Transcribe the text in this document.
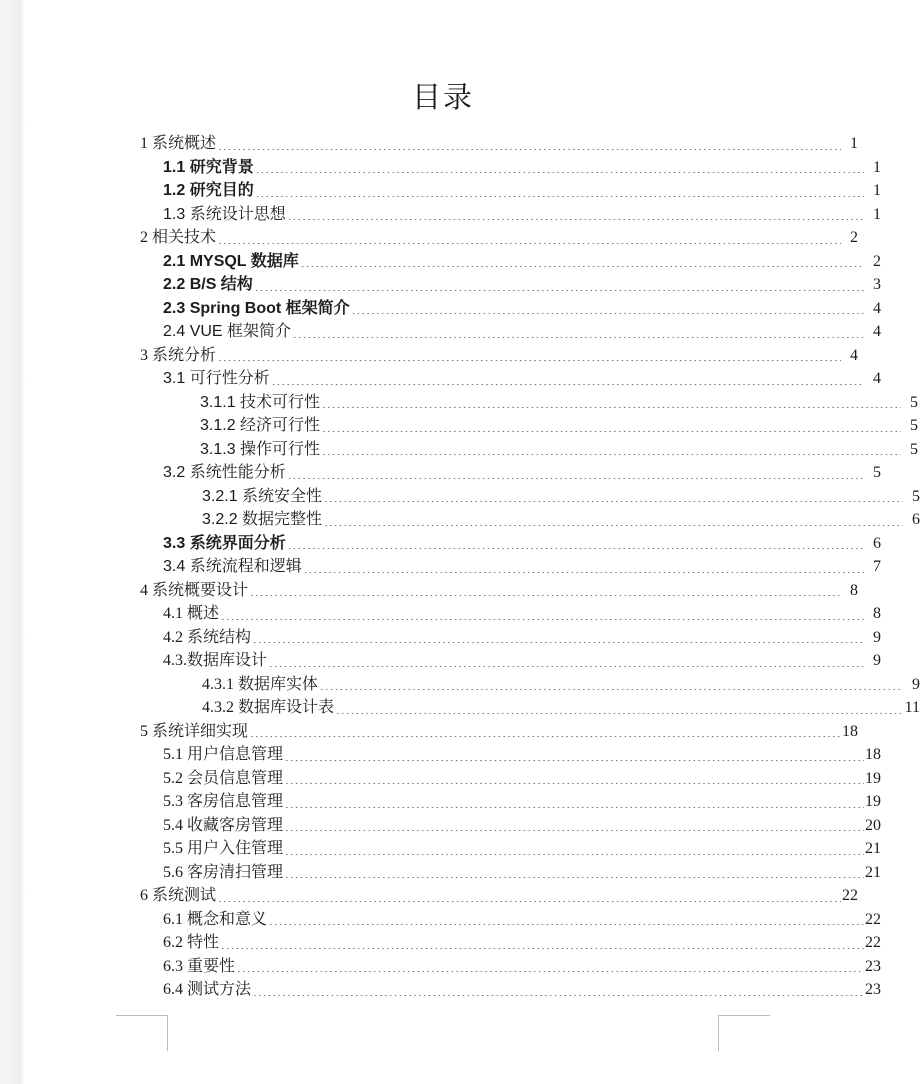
目录
1 系统概述 .....	1
1.1 研究背景 .....	1
1.2 研究目的 .....	1
1.3 系统设计思想 .....	1
2 相关技术 .....	2
2.1 MYSQL 数据库 .....	2
2.2 B/S 结构 .....	3
2.3 Spring Boot 框架简介 .....	4
2.4 VUE 框架简介 .....	4
3 系统分析 .....	4
3.1 可行性分析 .....	4
3.1.1 技术可行性 .....	5
3.1.2 经济可行性 .....	5
3.1.3 操作可行性 .....	5
3.2 系统性能分析 .....	5
3.2.1 系统安全性 .....	5
3.2.2 数据完整性 .....	6
3.3 系统界面分析 .....	6
3.4 系统流程和逻辑 .....	7
4 系统概要设计 .....	8
4.1 概述 .....	8
4.2 系统结构 .....	9
4.3.数据库设计 .....	9
4.3.1 数据库实体 .....	9
4.3.2 数据库设计表 .....	11
5 系统详细实现 .....	18
5.1 用户信息管理 .....	18
5.2 会员信息管理 .....	19
5.3 客房信息管理 .....	19
5.4 收藏客房管理 .....	20
5.5 用户入住管理 .....	21
5.6 客房清扫管理 .....	21
6 系统测试 .....	22
6.1 概念和意义 .....	22
6.2 特性 .....	22
6.3 重要性 .....	23
6.4 测试方法 .....	23
